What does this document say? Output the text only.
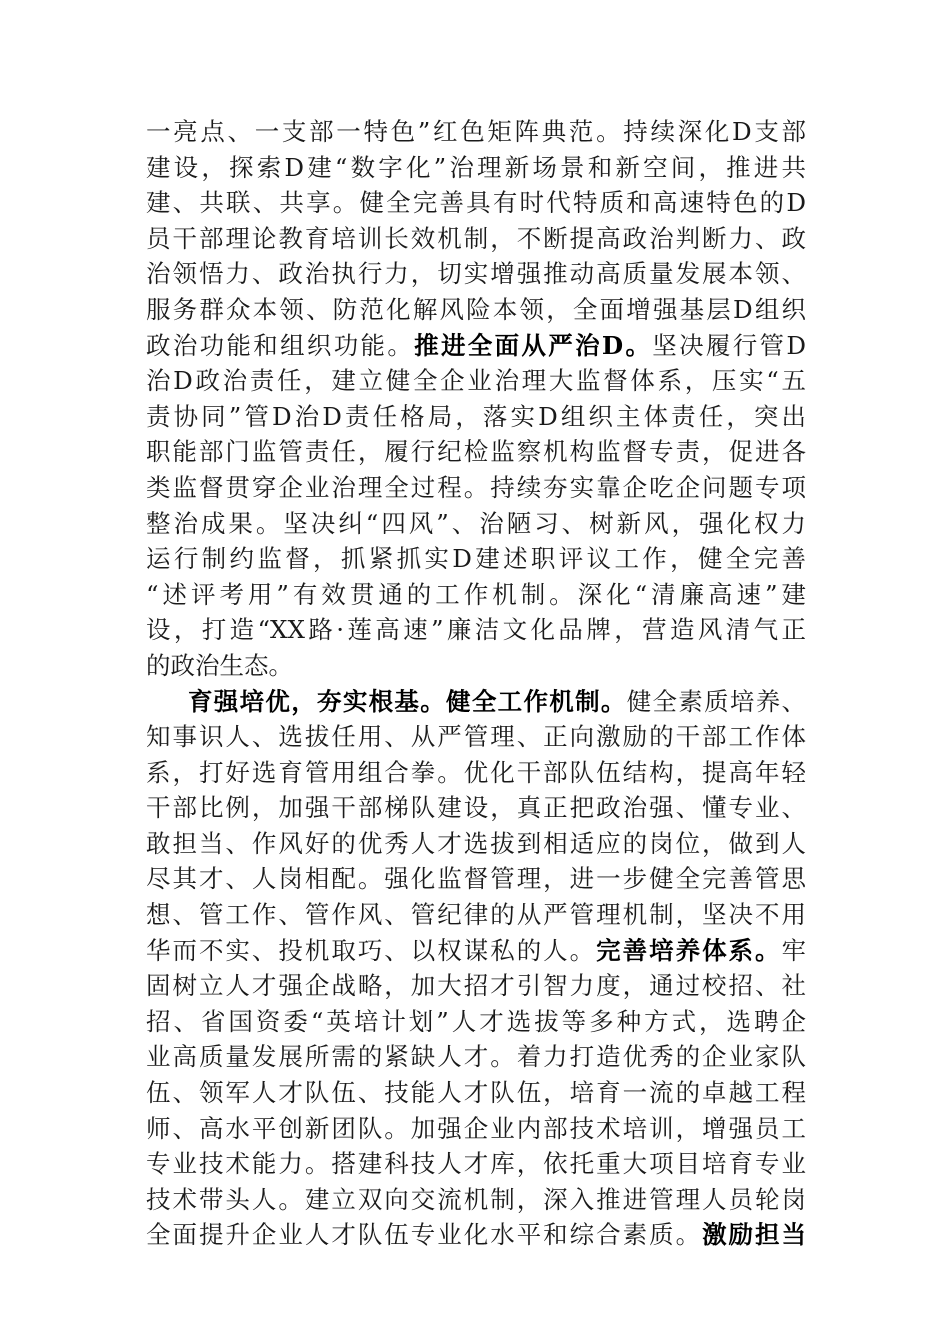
一亮点、一支部一特色”红色矩阵典范。持续深化D支部
建设，探索D建“数字化”治理新场景和新空间，推进共
建、共联、共享。健全完善具有时代特质和高速特色的D
员干部理论教育培训长效机制，不断提高政治判断力、政
治领悟力、政治执行力，切实增强推动高质量发展本领、
服务群众本领、防范化解风险本领，全面增强基层D组织
政治功能和组织功能。推进全面从严治D。坚决履行管D
治D政治责任，建立健全企业治理大监督体系，压实“五
责协同”管D治D责任格局，落实D组织主体责任，突出
职能部门监管责任，履行纪检监察机构监督专责，促进各
类监督贯穿企业治理全过程。持续夯实靠企吃企问题专项
整治成果。坚决纠“四风”、治陋习、树新风，强化权力
运行制约监督，抓紧抓实D建述职评议工作，健全完善
“述评考用”有效贯通的工作机制。深化“清廉高速”建
设，打造“XX路·莲高速”廉洁文化品牌，营造风清气正
的政治生态。
育强培优，夯实根基。健全工作机制。健全素质培养、
知事识人、选拔任用、从严管理、正向激励的干部工作体
系，打好选育管用组合拳。优化干部队伍结构，提高年轻
干部比例，加强干部梯队建设，真正把政治强、懂专业、
敢担当、作风好的优秀人才选拔到相适应的岗位，做到人
尽其才、人岗相配。强化监督管理，进一步健全完善管思
想、管工作、管作风、管纪律的从严管理机制，坚决不用
华而不实、投机取巧、以权谋私的人。完善培养体系。牢
固树立人才强企战略，加大招才引智力度，通过校招、社
招、省国资委“英培计划”人才选拔等多种方式，选聘企
业高质量发展所需的紧缺人才。着力打造优秀的企业家队
伍、领军人才队伍、技能人才队伍，培育一流的卓越工程
师、高水平创新团队。加强企业内部技术培训，增强员工
专业技术能力。搭建科技人才库，依托重大项目培育专业
技术带头人。建立双向交流机制，深入推进管理人员轮岗
全面提升企业人才队伍专业化水平和综合素质。激励担当
